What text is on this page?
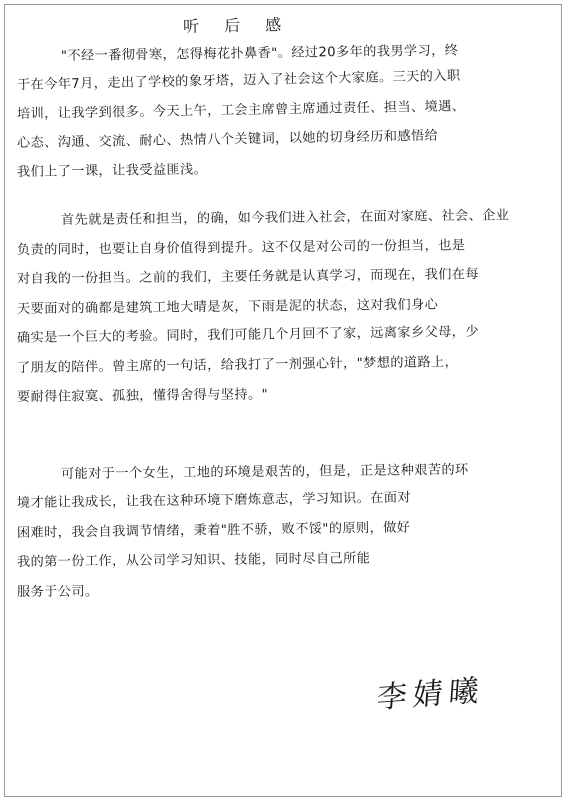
听 后 感
"不经一番彻骨寒，怎得梅花扑鼻香"。经过20多年的我男学习，终
于在今年7月，走出了学校的象牙塔，迈入了社会这个大家庭。三天的入职
培训，让我学到很多。今天上午，工会主席曾主席通过责任、担当、境遇、
心态、沟通、交流、耐心、热情八个关键词，以她的切身经历和感悟给
我们上了一课，让我受益匪浅。
首先就是责任和担当，的确，如今我们进入社会，在面对家庭、社会、企业
负责的同时，也要让自身价值得到提升。这不仅是对公司的一份担当，也是
对自我的一份担当。之前的我们，主要任务就是认真学习，而现在，我们在每
天要面对的确都是建筑工地大晴是灰，下雨是泥的状态，这对我们身心
确实是一个巨大的考验。同时，我们可能几个月回不了家，远离家乡父母，少
了朋友的陪伴。曾主席的一句话，给我打了一剂强心针，"梦想的道路上，
要耐得住寂寞、孤独，懂得舍得与坚持。"
可能对于一个女生，工地的环境是艰苦的，但是，正是这种艰苦的环
境才能让我成长，让我在这种环境下磨炼意志，学习知识。在面对
困难时，我会自我调节情绪，秉着"胜不骄，败不馁"的原则，做好
我的第一份工作，从公司学习知识、技能，同时尽自己所能
服务于公司。
李婧曦
